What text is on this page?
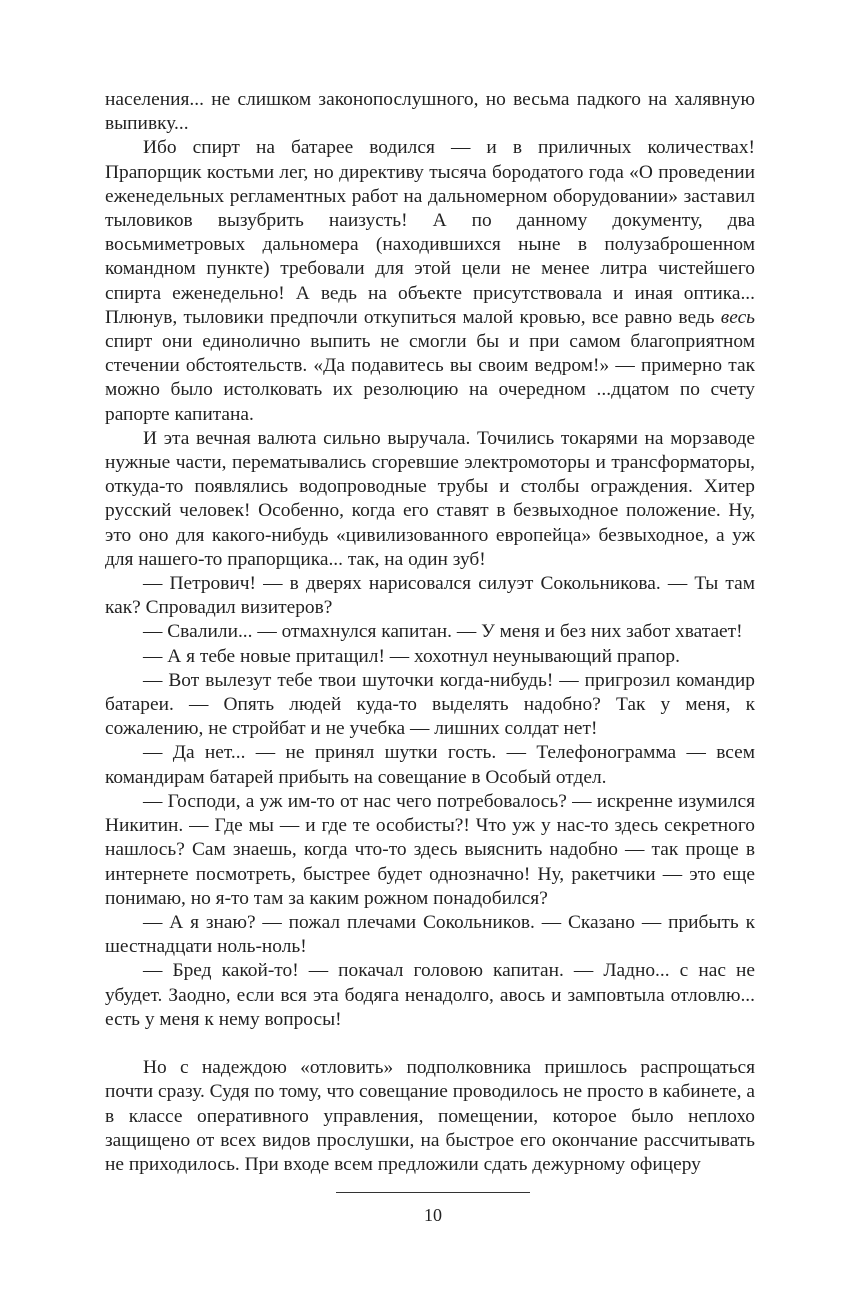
населения... не слишком законопослушного, но весьма падкого на халявную выпивку...

Ибо спирт на батарее водился — и в приличных количествах! Прапорщик костьми лег, но директиву тысяча бородатого года «О проведении еженедельных регламентных работ на дальномерном оборудовании» заставил тыловиков вызубрить наизусть! А по данному документу, два восьмиметровых дальномера (находившихся ныне в полузаброшенном командном пункте) требовали для этой цели не менее литра чистейшего спирта еженедельно! А ведь на объекте присутствовала и иная оптика... Плюнув, тыловики предпочли откупиться малой кровью, все равно ведь весь спирт они единолично выпить не смогли бы и при самом благоприятном стечении обстоятельств. «Да подавитесь вы своим ведром!» — примерно так можно было истолковать их резолюцию на очередном ...дцатом по счету рапорте капитана.

И эта вечная валюта сильно выручала. Точились токарями на морзаводе нужные части, перематывались сгоревшие электромоторы и трансформаторы, откуда-то появлялись водопроводные трубы и столбы ограждения. Хитер русский человек! Особенно, когда его ставят в безвыходное положение. Ну, это оно для какого-нибудь «цивилизованного европейца» безвыходное, а уж для нашего-то прапорщика... так, на один зуб!

— Петрович! — в дверях нарисовался силуэт Сокольникова. — Ты там как? Спровадил визитеров?

— Свалили... — отмахнулся капитан. — У меня и без них забот хватает!

— А я тебе новые притащил! — хохотнул неунывающий прапор.

— Вот вылезут тебе твои шуточки когда-нибудь! — пригрозил командир батареи. — Опять людей куда-то выделять надобно? Так у меня, к сожалению, не стройбат и не учебка — лишних солдат нет!

— Да нет... — не принял шутки гость. — Телефонограмма — всем командирам батарей прибыть на совещание в Особый отдел.

— Господи, а уж им-то от нас чего потребовалось? — искренне изумился Никитин. — Где мы — и где те особисты?! Что уж у нас-то здесь секретного нашлось? Сам знаешь, когда что-то здесь выяснить надобно — так проще в интернете посмотреть, быстрее будет однозначно! Ну, ракетчики — это еще понимаю, но я-то там за каким рожном понадобился?

— А я знаю? — пожал плечами Сокольников. — Сказано — прибыть к шестнадцати ноль-ноль!

— Бред какой-то! — покачал головою капитан. — Ладно... с нас не убудет. Заодно, если вся эта бодяга ненадолго, авось и замповтыла отловлю... есть у меня к нему вопросы!

Но с надеждою «отловить» подполковника пришлось распрощаться почти сразу. Судя по тому, что совещание проводилось не просто в кабинете, а в классе оперативного управления, помещении, которое было неплохо защищено от всех видов прослушки, на быстрое его окончание рассчитывать не приходилось. При входе всем предложили сдать дежурному офицеру

10
